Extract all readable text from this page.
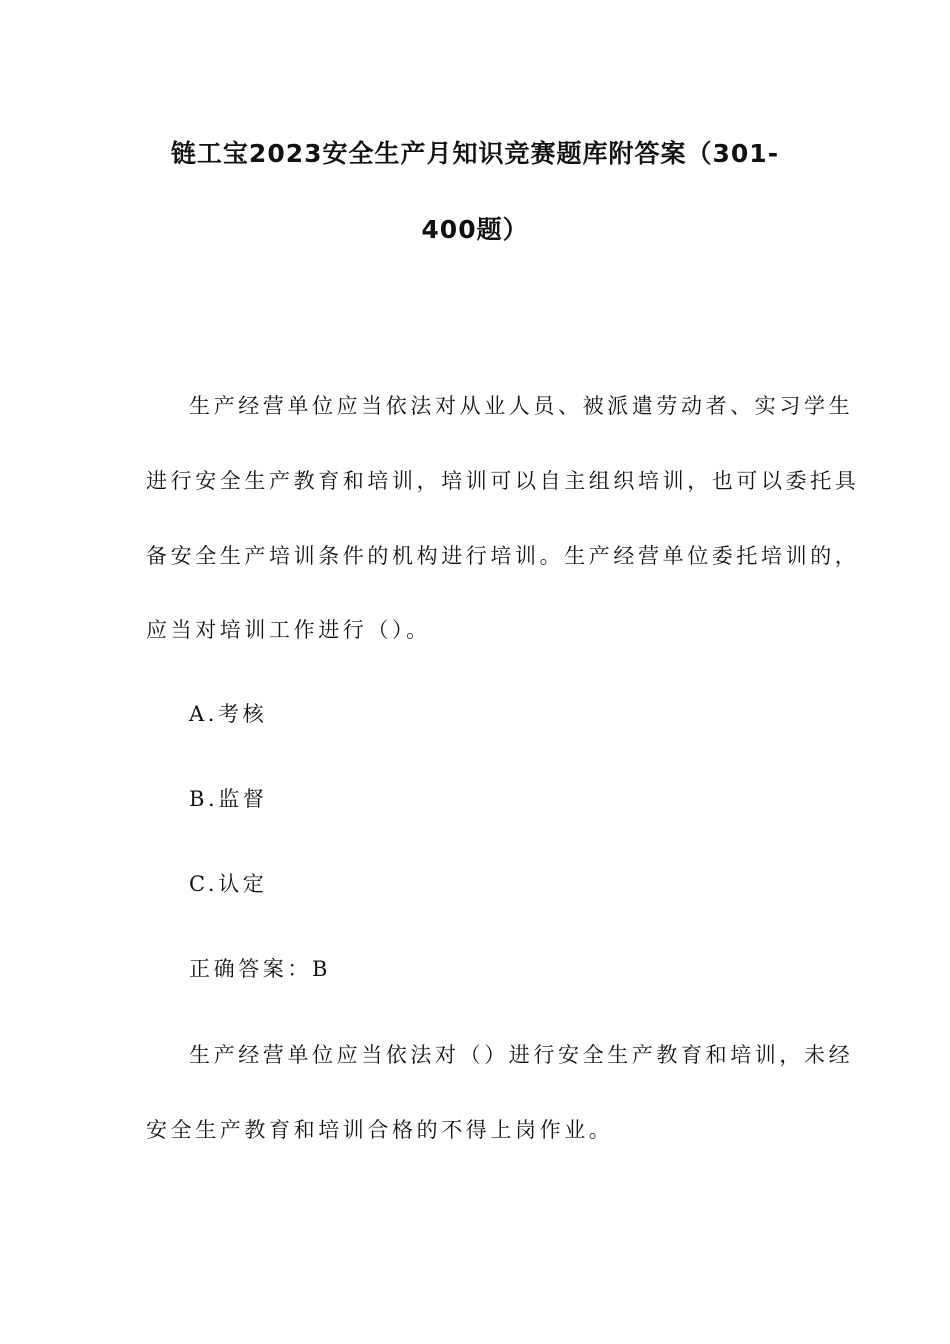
链工宝2023安全生产月知识竞赛题库附答案（301-
400题）
生产经营单位应当依法对从业人员、被派遣劳动者、实习学生
进行安全生产教育和培训，培训可以自主组织培训，也可以委托具
备安全生产培训条件的机构进行培训。生产经营单位委托培训的，
应当对培训工作进行（）。
A.考核
B.监督
C.认定
正确答案：B
生产经营单位应当依法对（）进行安全生产教育和培训，未经
安全生产教育和培训合格的不得上岗作业。
